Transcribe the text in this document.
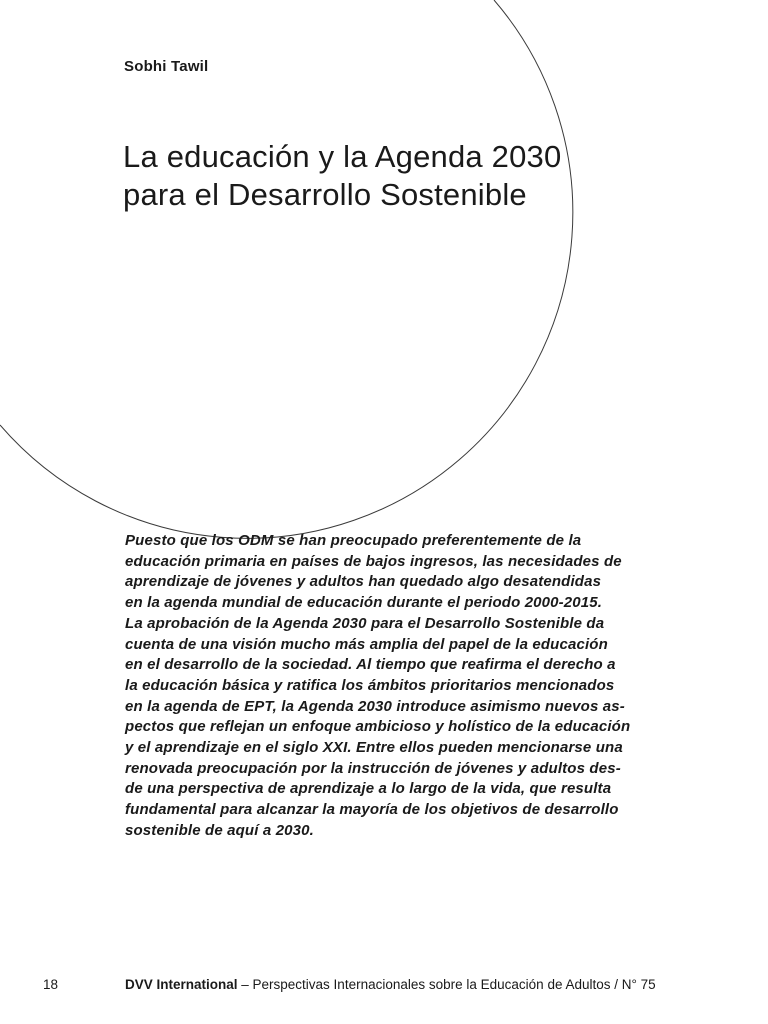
Sobhi Tawil

La educación y la Agenda 2030
para el Desarrollo Sostenible

Puesto que los ODM se han preocupado preferentemente de la
educación primaria en países de bajos ingresos, las necesidades de
aprendizaje de jóvenes y adultos han quedado algo desatendidas
en la agenda mundial de educación durante el periodo 2000-2015.
La aprobación de la Agenda 2030 para el Desarrollo Sostenible da
cuenta de una visión mucho más amplia del papel de la educación
en el desarrollo de la sociedad. Al tiempo que reafirma el derecho a
la educación básica y ratifica los ámbitos prioritarios mencionados
en la agenda de EPT, la Agenda 2030 introduce asimismo nuevos as-
pectos que reflejan un enfoque ambicioso y holístico de la educación
y el aprendizaje en el siglo XXI. Entre ellos pueden mencionarse una
renovada preocupación por la instrucción de jóvenes y adultos des-
de una perspectiva de aprendizaje a lo largo de la vida, que resulta
fundamental para alcanzar la mayoría de los objetivos de desarrollo
sostenible de aquí a 2030.

18	DVV International – Perspectivas Internacionales sobre la Educación de Adultos / N° 75
